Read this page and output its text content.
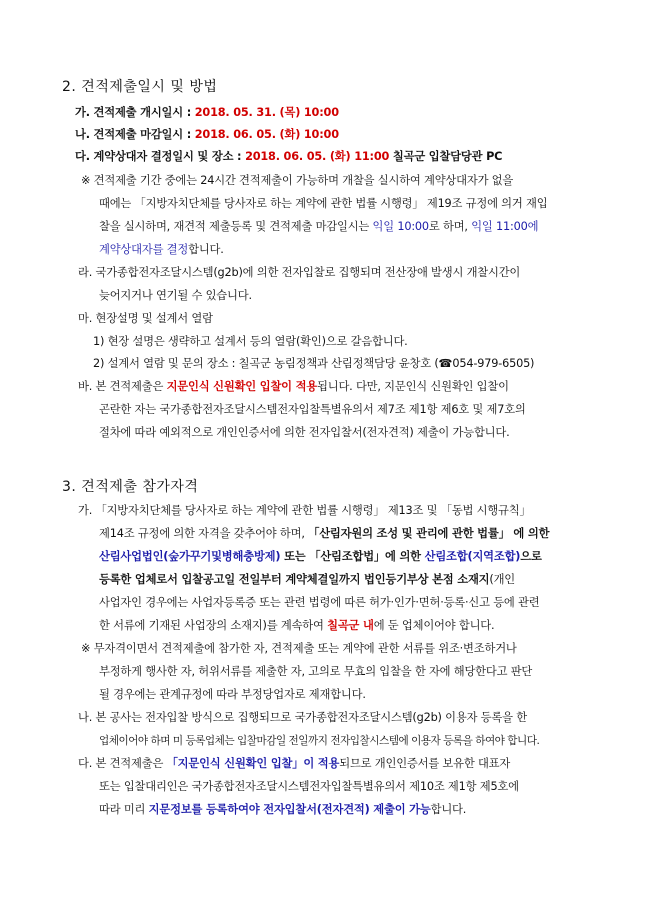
2. 견적제출일시 및 방법
가. 견적제출 개시일시 : 2018. 05. 31. (목) 10:00
나. 견적제출 마감일시 : 2018. 06. 05. (화) 10:00
다. 계약상대자 결정일시 및 장소 : 2018. 06. 05. (화) 11:00 칠곡군 입찰담당관 PC
※ 견적제출 기간 중에는 24시간 견적제출이 가능하며 개찰을 실시하여 계약상대자가 없을
때에는 「지방자치단체를 당사자로 하는 계약에 관한 법률 시행령」 제19조 규정에 의거 재입
찰을 실시하며, 재견적 제출등록 및 견적제출 마감일시는 익일 10:00로 하며, 익일 11:00에
계약상대자를 결정합니다.
라. 국가종합전자조달시스템(g2b)에 의한 전자입찰로 집행되며 전산장애 발생시 개찰시간이
늦어지거나 연기될 수 있습니다.
마. 현장설명 및 설계서 열람
1) 현장 설명은 생략하고 설계서 등의 열람(확인)으로 갈음합니다.
2) 설계서 열람 및 문의 장소 : 칠곡군 농림정책과 산림정책담당 윤창호 (☎054-979-6505)
바. 본 견적제출은 지문인식 신원확인 입찰이 적용됩니다. 다만, 지문인식 신원확인 입찰이
곤란한 자는 국가종합전자조달시스템전자입찰특별유의서 제7조 제1항 제6호 및 제7호의
절차에 따라 예외적으로 개인인증서에 의한 전자입찰서(전자견적) 제출이 가능합니다.
3. 견적제출 참가자격
가. 「지방자치단체를 당사자로 하는 계약에 관한 법률 시행령」 제13조 및 「동법 시행규칙」
제14조 규정에 의한 자격을 갖추어야 하며, 「산림자원의 조성 및 관리에 관한 법률」 에 의한
산림사업법인(숲가꾸기및병해충방제) 또는 「산림조합법」에 의한 산림조합(지역조합)으로
등록한 업체로서 입찰공고일 전일부터 계약체결일까지 법인등기부상 본점 소재지(개인
사업자인 경우에는 사업자등록증 또는 관련 법령에 따른 허가·인가·면허·등록·신고 등에 관련
한 서류에 기재된 사업장의 소재지)를 계속하여 칠곡군 내에 둔 업체이어야 합니다.
※ 무자격이면서 견적제출에 참가한 자, 견적제출 또는 계약에 관한 서류를 위조·변조하거나
부정하게 행사한 자, 허위서류를 제출한 자, 고의로 무효의 입찰을 한 자에 해당한다고 판단
될 경우에는 관계규정에 따라 부정당업자로 제재합니다.
나. 본 공사는 전자입찰 방식으로 집행되므로 국가종합전자조달시스템(g2b) 이용자 등록을 한
업체이어야 하며 미 등록업체는 입찰마감일 전일까지 전자입찰시스템에 이용자 등록을 하여야 합니다.
다. 본 견적제출은 「지문인식 신원확인 입찰」이 적용되므로 개인인증서를 보유한 대표자
또는 입찰대리인은 국가종합전자조달시스템전자입찰특별유의서 제10조 제1항 제5호에
따라 미리 지문정보를 등록하여야 전자입찰서(전자견적) 제출이 가능합니다.
